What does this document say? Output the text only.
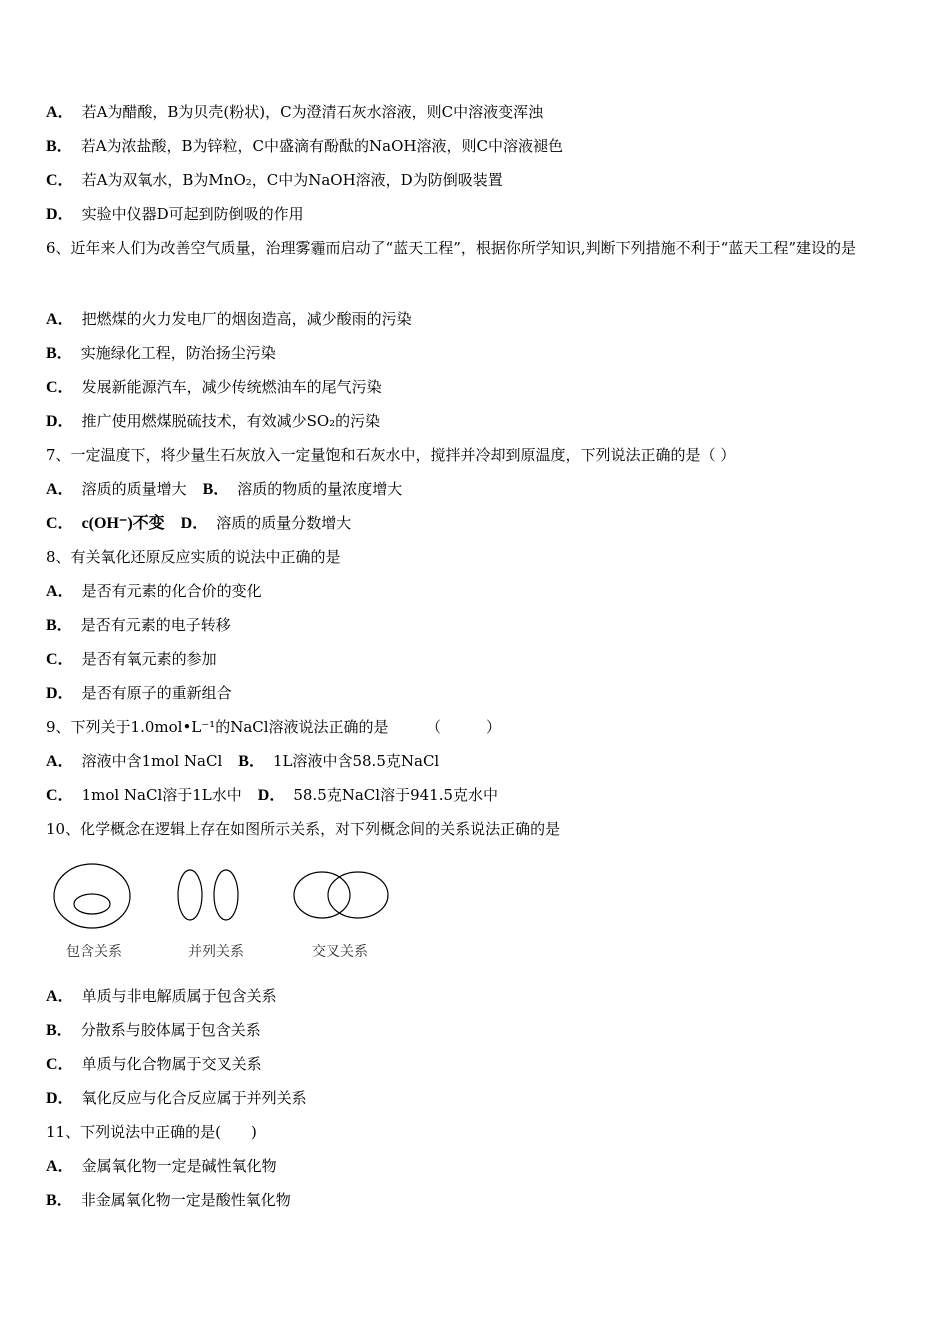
A． 若A为醋酸，B为贝壳(粉状)，C为澄清石灰水溶液，则C中溶液变浑浊
B． 若A为浓盐酸，B为锌粒，C中盛滴有酚酞的NaOH溶液，则C中溶液褪色
C． 若A为双氧水，B为MnO₂，C中为NaOH溶液，D为防倒吸装置
D． 实验中仪器D可起到防倒吸的作用
6、近年来人们为改善空气质量，治理雾霾而启动了“蓝天工程”，根据你所学知识,判断下列措施不利于“蓝天工程”建设的是
A． 把燃煤的火力发电厂的烟囱造高，减少酸雨的污染
B． 实施绿化工程，防治扬尘污染
C． 发展新能源汽车，减少传统燃油车的尾气污染
D． 推广使用燃煤脱硫技术，有效减少SO₂的污染
7、一定温度下，将少量生石灰放入一定量饱和石灰水中，搅拌并冷却到原温度，下列说法正确的是（ ）
A． 溶质的质量增大 B． 溶质的物质的量浓度增大
C． c(OH⁻)不变 D． 溶质的质量分数增大
8、有关氧化还原反应实质的说法中正确的是
A． 是否有元素的化合价的变化
B． 是否有元素的电子转移
C． 是否有氧元素的参加
D． 是否有原子的重新组合
9、下列关于1.0mol•L⁻¹的NaCl溶液说法正确的是　　　（　　　）
A． 溶液中含1mol NaCl B． 1L溶液中含58.5克NaCl
C． 1mol NaCl溶于1L水中 D． 58.5克NaCl溶于941.5克水中
10、化学概念在逻辑上存在如图所示关系，对下列概念间的关系说法正确的是
包含关系	并列关系	交叉关系
A． 单质与非电解质属于包含关系
B． 分散系与胶体属于包含关系
C． 单质与化合物属于交叉关系
D． 氧化反应与化合反应属于并列关系
11、下列说法中正确的是(　　)
A． 金属氧化物一定是碱性氧化物
B． 非金属氧化物一定是酸性氧化物
